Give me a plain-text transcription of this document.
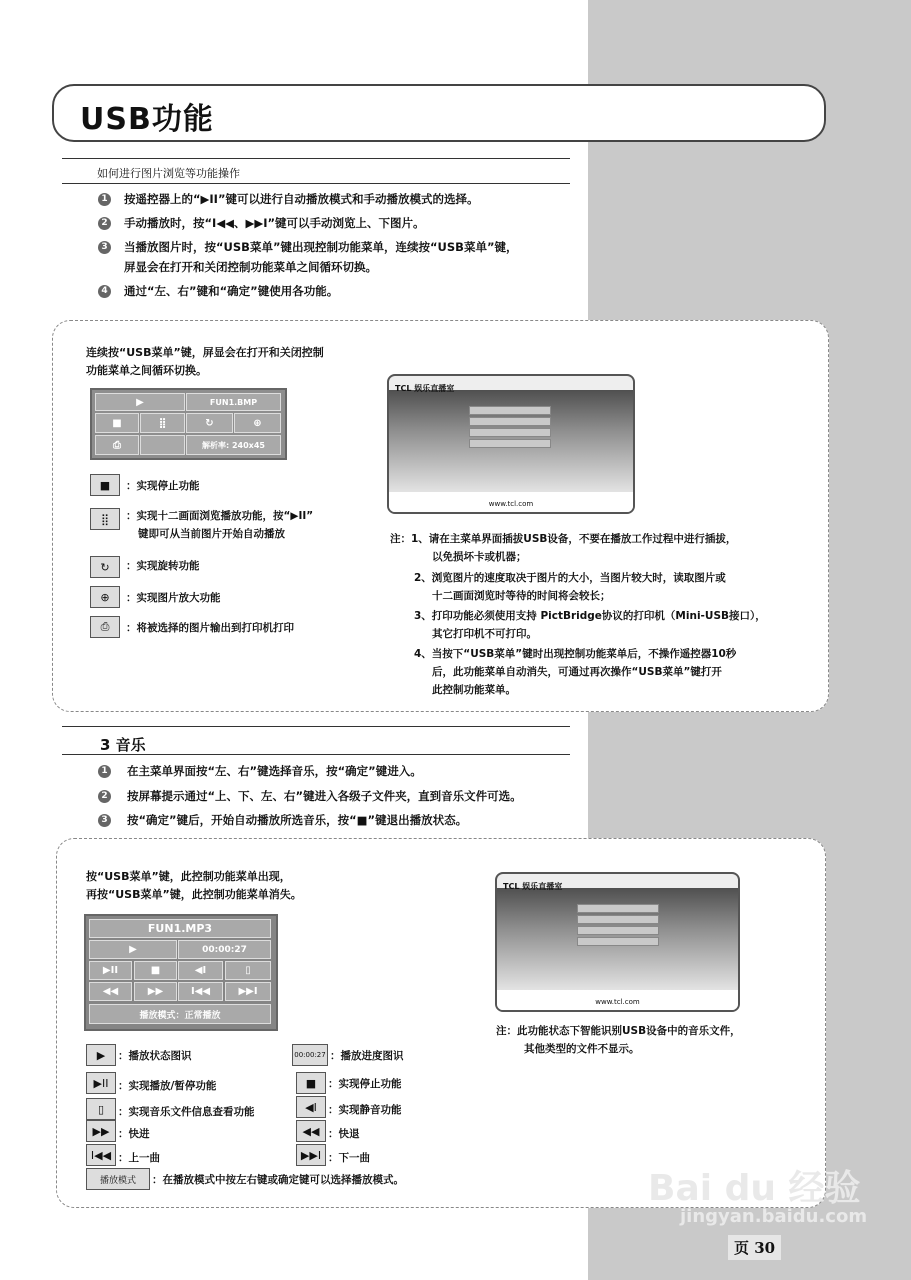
USB功能
如何进行图片浏览等功能操作
1 按遥控器上的“▶II”键可以进行自动播放模式和手动播放模式的选择。
2 手动播放时，按“I◀◀、▶▶I”键可以手动浏览上、下图片。
3 当播放图片时，按“USB菜单”键出现控制功能菜单，连续按“USB菜单”键，
屏显会在打开和关闭控制功能菜单之间循环切换。
4 通过“左、右”键和“确定”键使用各功能。
连续按“USB菜单”键，屏显会在打开和关闭控制
功能菜单之间循环切换。
▶	FUN1.BMP
■	⣿	↻	⊕
⎙	解析率: 240x45
■	：实现停止功能
⣿	：实现十二画面浏览播放功能，按“▶II”
键即可从当前图片开始自动播放
↻	：实现旋转功能
⊕	：实现图片放大功能
⎙	：将被选择的图片输出到打印机打印
TCL 娱乐直播室
www.tcl.com
注：1、请在主菜单界面插拔USB设备，不要在播放工作过程中进行插拔，
以免损坏卡或机器；
2、浏览图片的速度取决于图片的大小，当图片较大时，读取图片或
十二画面浏览时等待的时间将会较长；
3、打印功能必须使用支持 PictBridge协议的打印机（Mini-USB接口），
其它打印机不可打印。
4、当按下“USB菜单”键时出现控制功能菜单后，不操作遥控器10秒
后，此功能菜单自动消失，可通过再次操作“USB菜单”键打开
此控制功能菜单。
3 音乐
1 在主菜单界面按“左、右”键选择音乐，按“确定”键进入。
2 按屏幕提示通过“上、下、左、右”键进入各级子文件夹，直到音乐文件可选。
3 按“确定”键后，开始自动播放所选音乐，按“■”键退出播放状态。
按“USB菜单”键，此控制功能菜单出现，
再按“USB菜单”键，此控制功能菜单消失。
FUN1.MP3
▶	00:00:27
▶II	■	◀I	▯
◀◀	▶▶	I◀◀	▶▶I
播放模式：正常播放
▶	：播放状态图识
▶II ：实现播放/暂停功能
▯	：实现音乐文件信息查看功能
▶▶ ：快进
I◀◀ ：上一曲
00:00:27 ：播放进度图识
■	：实现停止功能
◀I	：实现静音功能
◀◀ ：快退
▶▶I ：下一曲
播放模式	：在播放模式中按左右键或确定键可以选择播放模式。
TCL 娱乐直播室
www.tcl.com
注：此功能状态下智能识别USB设备中的音乐文件，
其他类型的文件不显示。
Bai du 经验
jingyan.baidu.com
页 30
